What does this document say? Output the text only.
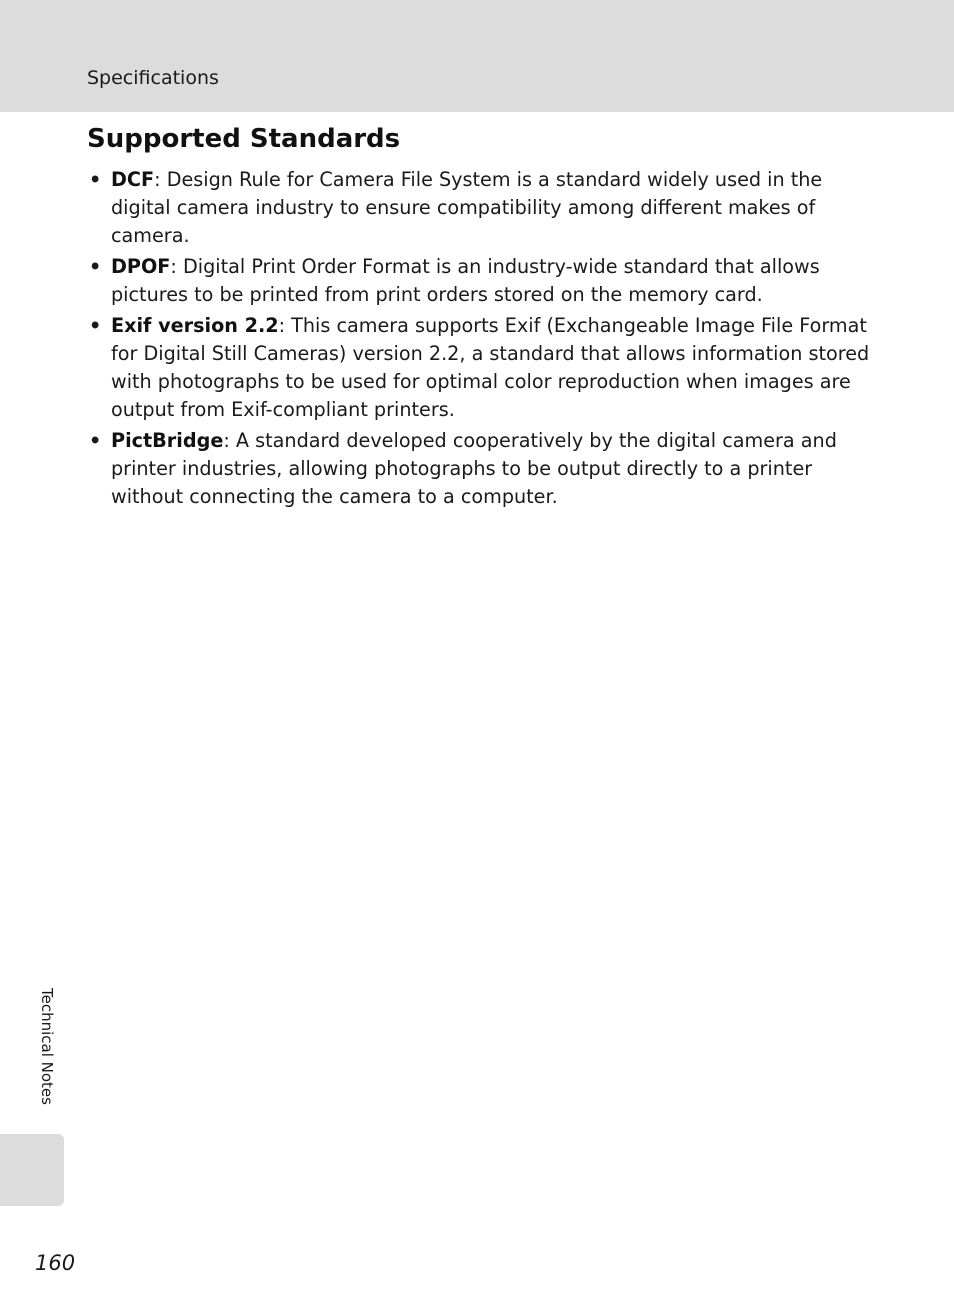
Specifications
Supported Standards
• DCF: Design Rule for Camera File System is a standard widely used in the digital camera industry to ensure compatibility among different makes of camera.
• DPOF: Digital Print Order Format is an industry-wide standard that allows pictures to be printed from print orders stored on the memory card.
• Exif version 2.2: This camera supports Exif (Exchangeable Image File Format for Digital Still Cameras) version 2.2, a standard that allows information stored with photographs to be used for optimal color reproduction when images are output from Exif-compliant printers.
• PictBridge: A standard developed cooperatively by the digital camera and printer industries, allowing photographs to be output directly to a printer without connecting the camera to a computer.
Technical Notes
160
